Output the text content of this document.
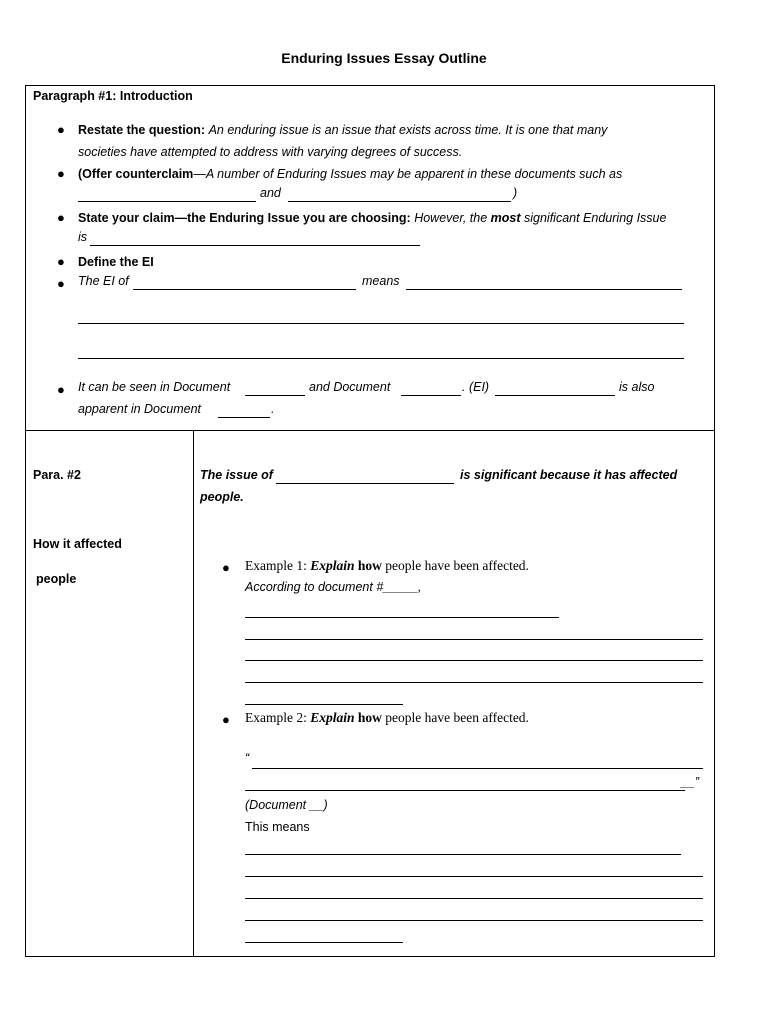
Enduring Issues Essay Outline
Paragraph #1: Introduction
● Restate the question: An enduring issue is an issue that exists across time. It is one that many
societies have attempted to address with varying degrees of success.
● (Offer counterclaim—A number of Enduring Issues may be apparent in these documents such as
and	)
● State your claim—the Enduring Issue you are choosing: However, the most significant Enduring Issue
is
● Define the EI
● The EI of	means
● It can be seen in Document	and Document	. (EI)	is also
apparent in Document	.
Para. #2
How it affected
people
The issue of	is significant because it has affected
people.
● Example 1: Explain how people have been affected.
According to document #_____,
● Example 2: Explain how people have been affected.
“
__”
(Document __)
This means
